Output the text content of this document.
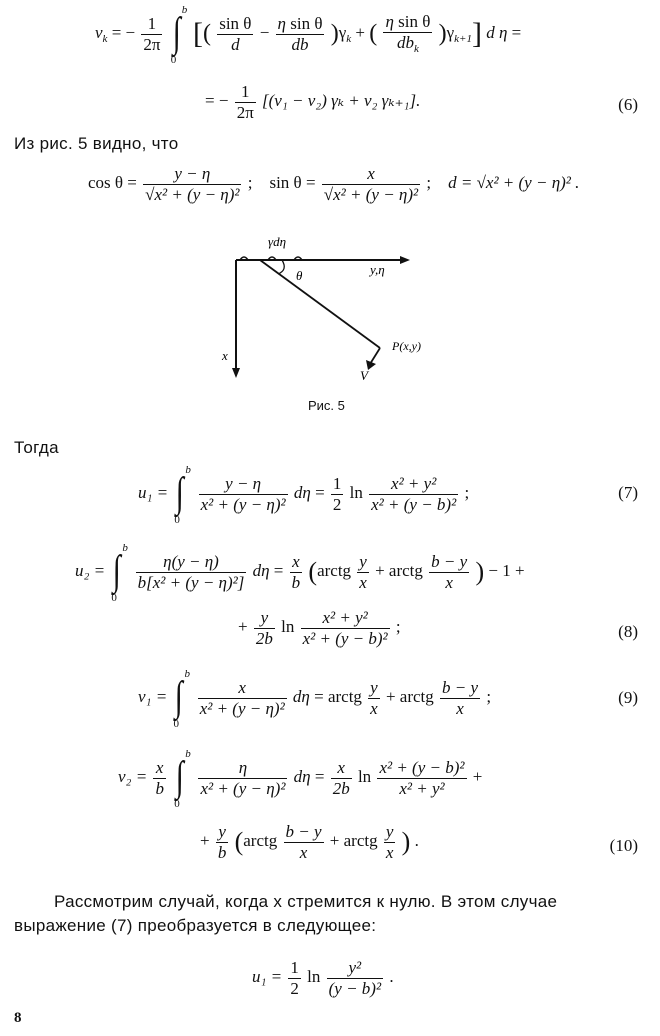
$v_k$ = − $\frac{1}{2\pi}$
∫ b
0
[( $\frac{\text{sin θ}}{d} - \frac{\text{η sin θ}}{db} )\gamma_k$ + ( $\frac{\text{η sin θ}}{db_k} )\gamma_{k+1}$] d η =
= − $\frac{1}{2\pi} [(v_1 - v_2) \gamma_k + v_2$ γₖ₊₁].	(6)
Из рис. 5 видно, что
$\cos \theta = \frac{y - \eta}{\text{√x² + (y − η)²}}$ ;    $\sin \theta = \frac{x}{\text{√x² + (y − η)²}}$ ;    d = √x² + (y − η)² .
γdη
y,η
θ
P(x,y)
V
x
Рис. 5
Тогда
u₁ = ∫ b
0

$\frac{y - \eta}{\text{x² + (y − η)²}}$ $d\eta = \frac{1}{2}$ $\ln \frac{\text{x² + y²}}{\text{x² + (y − b)²}}$ ;	(7)
u₂ = ∫ b
0

$\frac{\eta(y - \eta)}{\text{b[x² + (y − η)²]}}$ $d\eta = \frac{x}{b}$ (arctg $\frac{y}{x}$ + arctg $\frac{b - y}{x}$ ) − 1 +
+ $\frac{y}{2b}$ $\ln \frac{\text{x² + y²}}{\text{x² + (y − b)²}}$ ;	(8)
v₁ = ∫ b
0

$\frac{x}{\text{x² + (y − η)²}}$ dη = arctg $\frac{y}{x}$ + arctg $\frac{b - y}{x}$ ;	(9)
$v_2 = \frac{x}{b}$
∫ b
0

$\frac{\eta}{\text{x² + (y − η)²}}$ $d\eta = \frac{x}{2b}$ $\ln \frac{\text{x² + (y − b)²}}{\text{x² + y²}}$ +
+ $\frac{y}{b}$ (arctg $\frac{b - y}{x}$ + arctg $\frac{y}{x}$ ) .	(10)
Рассмотрим случай, когда x стремится к нулю. В этом случае выражение (7) преобразуется в следующее:
$u_1 = \frac{1}{2}$ $\ln \frac{\text{y²}}{\text{(y − b)²}}$ .
8
